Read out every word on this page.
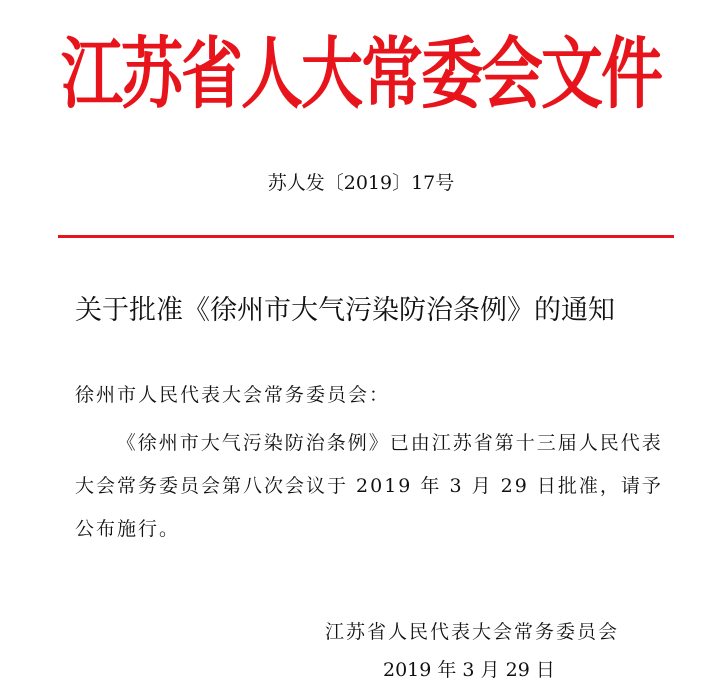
江苏省人大常委会文件
苏人发〔2019〕17号
关于批准《徐州市大气污染防治条例》的通知
徐州市人民代表大会常务委员会：
《徐州市大气污染防治条例》已由江苏省第十三届人民代表大会常务委员会第八次会议于 2019 年 3 月 29 日批准，请予公布施行。
江苏省人民代表大会常务委员会
2019 年 3 月 29 日
